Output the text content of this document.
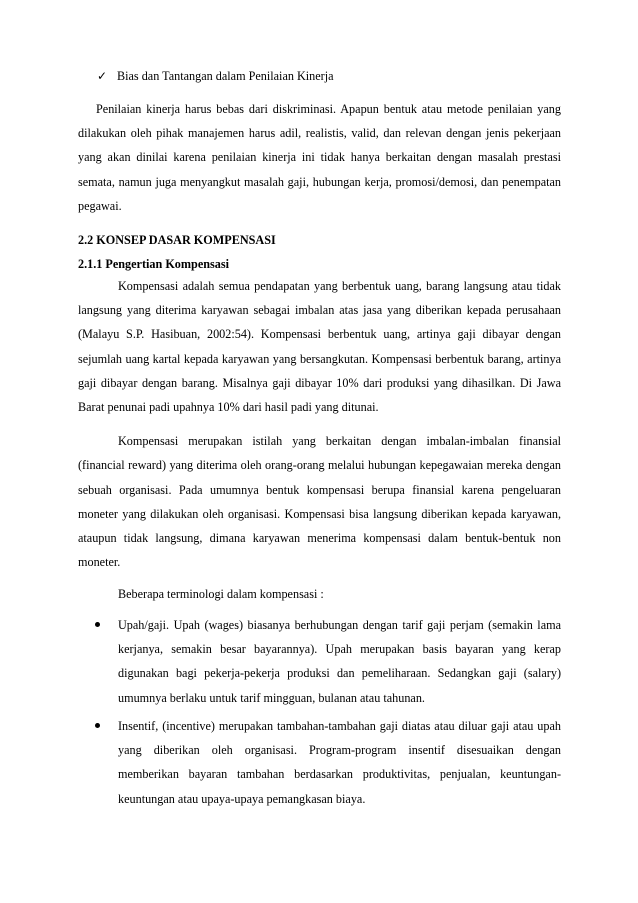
✓ Bias dan Tantangan dalam Penilaian Kinerja

Penilaian kinerja harus bebas dari diskriminasi. Apapun bentuk atau metode penilaian yang dilakukan oleh pihak manajemen harus adil, realistis, valid, dan relevan dengan jenis pekerjaan yang akan dinilai karena penilaian kinerja ini tidak hanya berkaitan dengan masalah prestasi semata, namun juga menyangkut masalah gaji, hubungan kerja, promosi/demosi, dan penempatan pegawai.

2.2 KONSEP DASAR KOMPENSASI
2.1.1 Pengertian Kompensasi

Kompensasi adalah semua pendapatan yang berbentuk uang, barang langsung atau tidak langsung yang diterima karyawan sebagai imbalan atas jasa yang diberikan kepada perusahaan (Malayu S.P. Hasibuan, 2002:54). Kompensasi berbentuk uang, artinya gaji dibayar dengan sejumlah uang kartal kepada karyawan yang bersangkutan. Kompensasi berbentuk barang, artinya gaji dibayar dengan barang. Misalnya gaji dibayar 10% dari produksi yang dihasilkan. Di Jawa Barat penunai padi upahnya 10% dari hasil padi yang ditunai.

Kompensasi merupakan istilah yang berkaitan dengan imbalan-imbalan finansial (financial reward) yang diterima oleh orang-orang melalui hubungan kepegawaian mereka dengan sebuah organisasi. Pada umumnya bentuk kompensasi berupa finansial karena pengeluaran moneter yang dilakukan oleh organisasi. Kompensasi bisa langsung diberikan kepada karyawan, ataupun tidak langsung, dimana karyawan menerima kompensasi dalam bentuk-bentuk non moneter.

Beberapa terminologi dalam kompensasi :

Upah/gaji. Upah (wages) biasanya berhubungan dengan tarif gaji perjam (semakin lama kerjanya, semakin besar bayarannya). Upah merupakan basis bayaran yang kerap digunakan bagi pekerja-pekerja produksi dan pemeliharaan. Sedangkan gaji (salary) umumnya berlaku untuk tarif mingguan, bulanan atau tahunan.

Insentif, (incentive) merupakan tambahan-tambahan gaji diatas atau diluar gaji atau upah yang diberikan oleh organisasi. Program-program insentif disesuaikan dengan memberikan bayaran tambahan berdasarkan produktivitas, penjualan, keuntungan-keuntungan atau upaya-upaya pemangkasan biaya.
